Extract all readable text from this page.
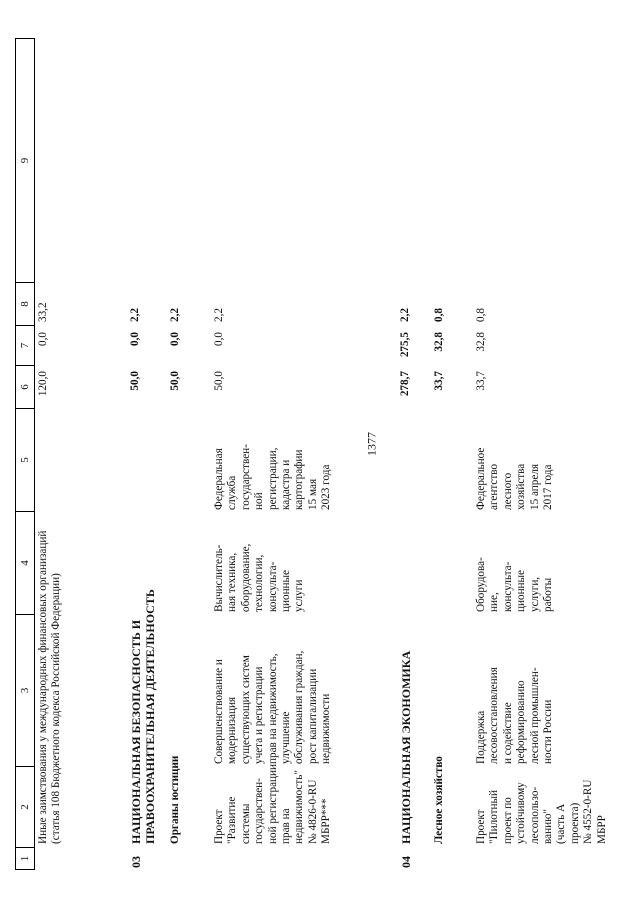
1377
1
2
3
4
5
6
7
8
9
Иные заимствования у международных финансовых организаций
(статья 108 Бюджетного кодекса Российской Федерации)
120,0
0,0
33,2
03
НАЦИОНАЛЬНАЯ БЕЗОПАСНОСТЬ И
ПРАВООХРАНИТЕЛЬНАЯ ДЕЯТЕЛЬНОСТЬ
50,0
0,0
2,2
Органы юстиции
50,0
0,0
2,2
Проект
"Развитие
системы
государствен-
ной регистрации
прав на
недвижимость"
№ 4826-0-RU
МБРР***
Совершенствование и
модернизация
существующих систем
учета и регистрации
прав на недвижимость,
улучшение
обслуживания граждан,
рост капитализации
недвижимости
Вычислитель-
ная техника,
оборудование,
технологии,
консульта-
ционные
услуги
Федеральная
служба
государствен-
ной
регистрации,
кадастра и
картографии
15 мая
2023 года
50,0
0,0
2,2
04
НАЦИОНАЛЬНАЯ ЭКОНОМИКА
278,7
275,5
2,2
Лесное хозяйство
33,7
32,8
0,8
Проект
"Пилотный
проект по
устойчивому
лесопользо-
ванию"
(часть А
проекта)
№ 4552-0-RU
МБРР
Поддержка
лесовосстановления
и содействие
реформированию
лесной промышлен-
ности России
Оборудова-
ние,
консульта-
ционные
услуги,
работы
Федеральное
агентство
лесного
хозяйства
15 апреля
2017 года
33,7
32,8
0,8
